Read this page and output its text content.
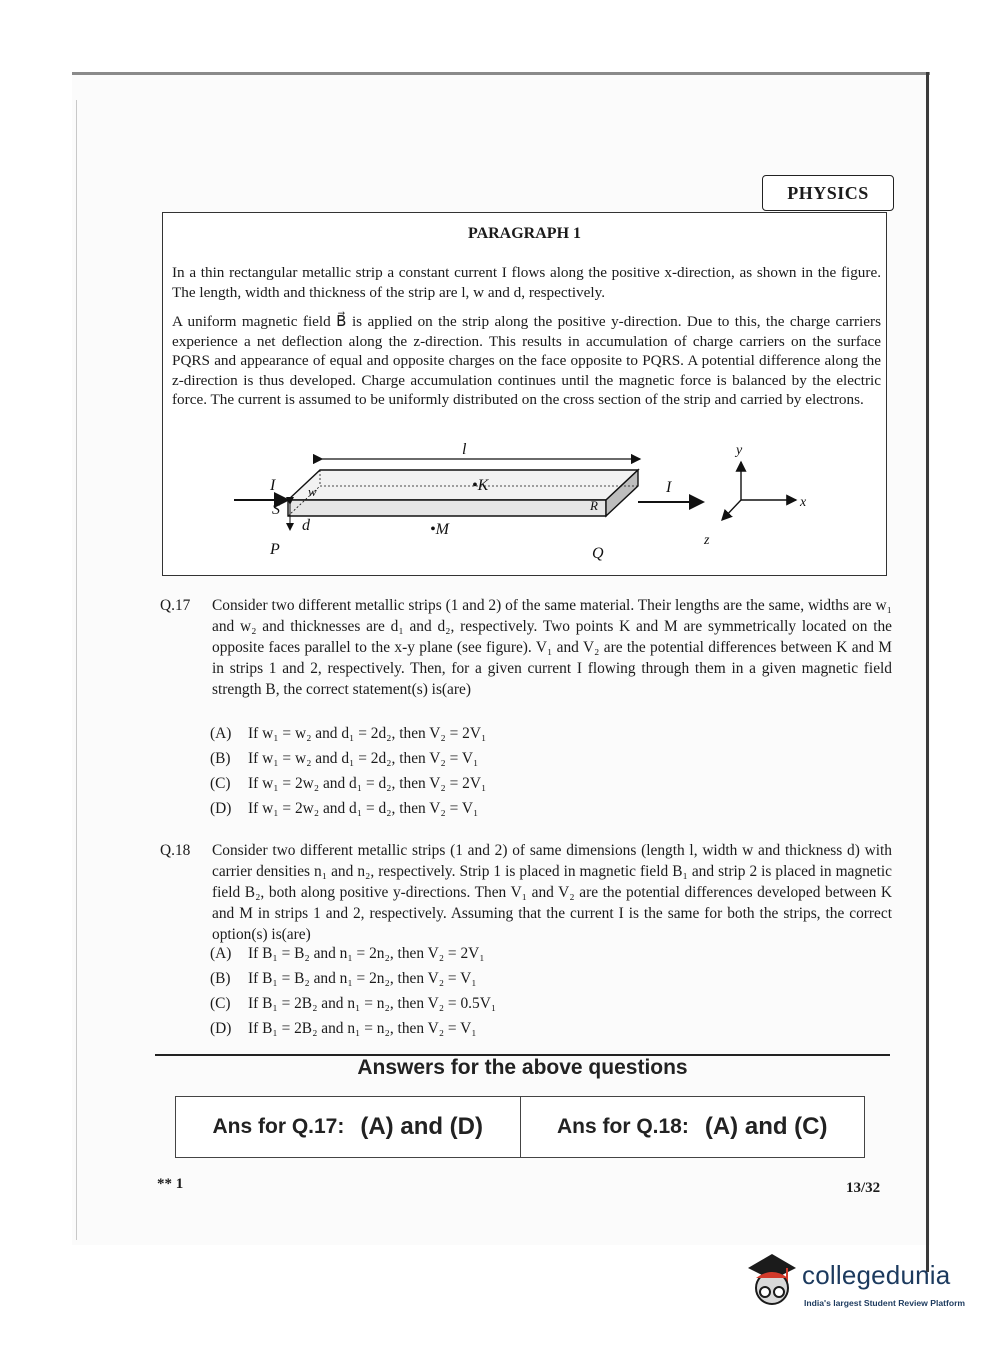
PHYSICS
PARAGRAPH 1
In a thin rectangular metallic strip a constant current I flows along the positive x-direction, as shown in the figure. The length, width and thickness of the strip are l, w and d, respectively.
A uniform magnetic field B⃗ is applied on the strip along the positive y-direction. Due to this, the charge carriers experience a net deflection along the z-direction. This results in accumulation of charge carriers on the surface PQRS and appearance of equal and opposite charges on the face opposite to PQRS. A potential difference along the z-direction is thus developed. Charge accumulation continues until the magnetic force is balanced by the electric force. The current is assumed to be uniformly distributed on the cross section of the strip and carried by electrons.
l
I	I
w
d
•K
•M
S
P	Q
R
y
x
z
Q.17 Consider two different metallic strips (1 and 2) of the same material. Their lengths are the same, widths are w₁ and w₂ and thicknesses are d₁ and d₂, respectively. Two points K and M are symmetrically located on the opposite faces parallel to the x-y plane (see figure). V₁ and V₂ are the potential differences between K and M in strips 1 and 2, respectively. Then, for a given current I flowing through them in a given magnetic field strength B, the correct statement(s) is(are)
(A)	If w₁ = w₂ and d₁ = 2d₂, then V₂ = 2V₁
(B)	If w₁ = w₂ and d₁ = 2d₂, then V₂ = V₁
(C)	If w₁ = 2w₂ and d₁ = d₂, then V₂ = 2V₁
(D)	If w₁ = 2w₂ and d₁ = d₂, then V₂ = V₁
Q.18 Consider two different metallic strips (1 and 2) of same dimensions (length l, width w and thickness d) with carrier densities n₁ and n₂, respectively. Strip 1 is placed in magnetic field B₁ and strip 2 is placed in magnetic field B₂, both along positive y-directions. Then V₁ and V₂ are the potential differences developed between K and M in strips 1 and 2, respectively. Assuming that the current I is the same for both the strips, the correct option(s) is(are)
(A)	If B₁ = B₂ and n₁ = 2n₂, then V₂ = 2V₁
(B)	If B₁ = B₂ and n₁ = 2n₂, then V₂ = V₁
(C)	If B₁ = 2B₂ and n₁ = n₂, then V₂ = 0.5V₁
(D)	If B₁ = 2B₂ and n₁ = n₂, then V₂ = V₁
Answers for the above questions
Ans for Q.17: (A) and (D)	Ans for Q.18: (A) and (C)
** 1	13/32
collegedunia
India's largest Student Review Platform
